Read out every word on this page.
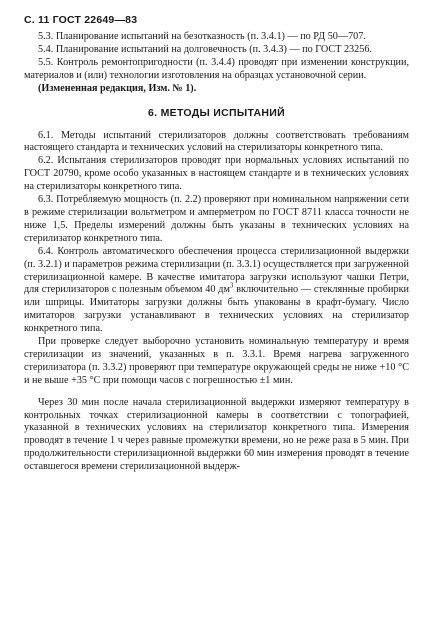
С. 11 ГОСТ 22649—83

5.3. Планирование испытаний на безотказность (п. 3.4.1) — по РД 50—707.

5.4. Планирование испытаний на долговечность (п. 3.4.3) — по ГОСТ 23256.

5.5. Контроль ремонтопригодности (п. 3.4.4) проводят при изменении конструкции, материалов и (или) технологии изготовления на образцах установочной серии.

(Измененная редакция, Изм. № 1).

6. МЕТОДЫ ИСПЫТАНИЙ

6.1. Методы испытаний стерилизаторов должны соответствовать требованиям настоящего стандарта и технических условий на стерилизаторы конкретного типа.

6.2. Испытания стерилизаторов проводят при нормальных условиях испытаний по ГОСТ 20790, кроме особо указанных в настоящем стандарте и в технических условиях на стерилизаторы конкретного типа.

6.3. Потребляемую мощность (п. 2.2) проверяют при номинальном напряжении сети в режиме стерилизации вольтметром и амперметром по ГОСТ 8711 класса точности не ниже 1,5. Пределы измерений должны быть указаны в технических условиях на стерилизатор конкретного типа.

6.4. Контроль автоматического обеспечения процесса стерилизационной выдержки (п. 3.2.1) и параметров режима стерилизации (п. 3.3.1) осуществляется при загруженной стерилизационной камере. В качестве имитатора загрузки используют чашки Петри, для стерилизаторов с полезным объемом 40 $дм^3$ включительно — стеклянные пробирки или шприцы. Имитаторы загрузки должны быть упакованы в крафт-бумагу. Число имитаторов загрузки устанавливают в технических условиях на стерилизатор конкретного типа.

При проверке следует выборочно установить номинальную температуру и время стерилизации из значений, указанных в п. 3.3.1. Время нагрева загруженного стерилизатора (п. 3.3.2) проверяют при температуре окружающей среды не ниже +10 °С и не выше +35 °С при помощи часов с погрешностью ±1 мин.

Через 30 мин после начала стерилизационной выдержки измеряют температуру в контрольных точках стерилизационной камеры в соответствии с топографией, указанной в технических условиях на стерилизатор конкретного типа. Измерения проводят в течение 1 ч через равные промежутки времени, но не реже раза в 5 мин. При продолжительности стерилизационной выдержки 60 мин измерения проводят в течение оставшегося времени стерилизационной выдерж-
